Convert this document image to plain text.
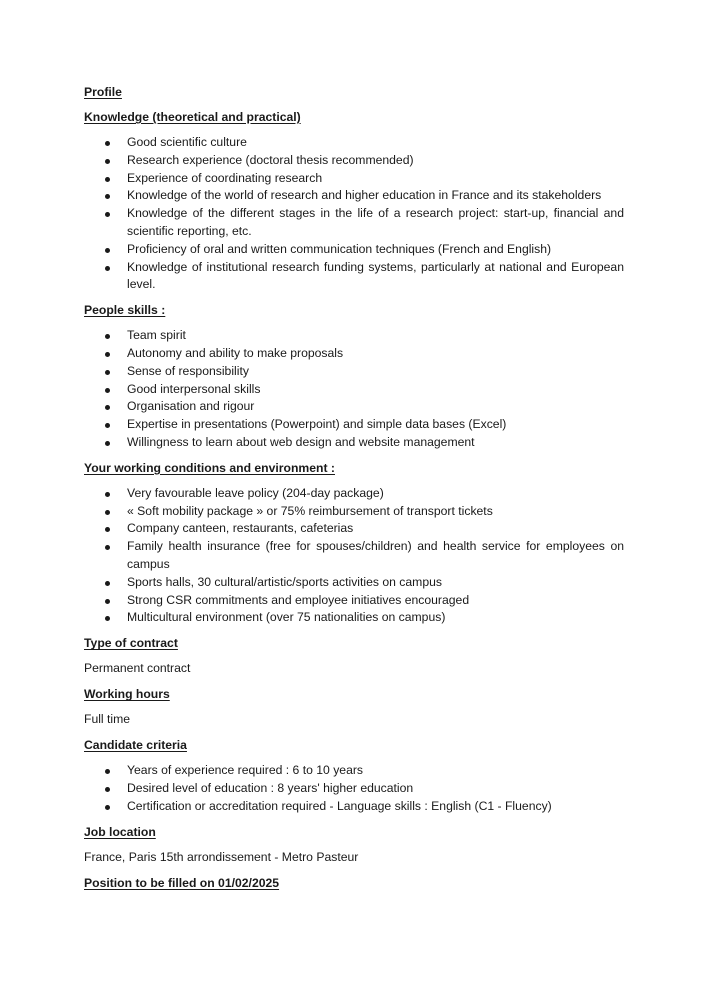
Profile
Knowledge (theoretical and practical)
Good scientific culture
Research experience (doctoral thesis recommended)
Experience of coordinating research
Knowledge of the world of research and higher education in France and its stakeholders
Knowledge of the different stages in the life of a research project: start-up, financial and scientific reporting, etc.
Proficiency of oral and written communication techniques (French and English)
Knowledge of institutional research funding systems, particularly at national and European level.
People skills :
Team spirit
Autonomy and ability to make proposals
Sense of responsibility
Good interpersonal skills
Organisation and rigour
Expertise in presentations (Powerpoint) and simple data bases (Excel)
Willingness to learn about web design and website management
Your working conditions and environment :
Very favourable leave policy (204-day package)
« Soft mobility package » or 75% reimbursement of transport tickets
Company canteen, restaurants, cafeterias
Family health insurance (free for spouses/children) and health service for employees on campus
Sports halls, 30 cultural/artistic/sports activities on campus
Strong CSR commitments and employee initiatives encouraged
Multicultural environment (over 75 nationalities on campus)
Type of contract
Permanent contract
Working hours
Full time
Candidate criteria
Years of experience required : 6 to 10 years
Desired level of education : 8 years' higher education
Certification or accreditation required - Language skills : English (C1 - Fluency)
Job location
France, Paris 15th arrondissement - Metro Pasteur
Position to be filled on 01/02/2025
